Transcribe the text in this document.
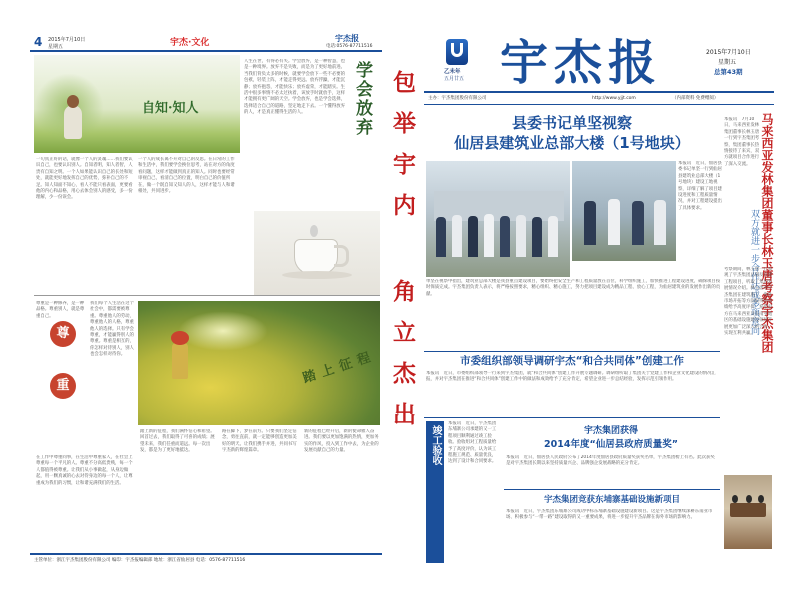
4 2015年7月10日
星期五	宇杰·文化	宇杰报
电话:0576-87711516
自知·知人
一句真正好的话，就像一个人的灵魂……我们要认识自己，也要认识别人。自知者明，知人者智，人贵有自知之明。一个人如果能认识自己的长处和短处，就能更好地发挥自己的优势，弥补自己的不足。知人知面不知心，看人不能只看表面，更要看他的内心和品格，用心去体会别人的感受，多一份理解，少一份误会。
一个人的成长离不开对自己的反思。在日常的工作和生活中，我们要学会换位思考，站在对方的角度看问题，这样才能做到真正的知人。同时也要经常审视自己，看清自己的位置，明白自己的价值所在，做一个既自知又知人的人，这样才能与人和谐相处，共同进步。
人生在世，有得必有失。学会放弃，是一种智慧，也是一种境界。放弃不是失败，而是为了更好地前进。当我们背负太多的时候，就要学会放下一些不必要的包袱，轻装上阵，才能走得更远。放弃浮躁，才能沉静；放弃抱怨，才能快乐；放弃虚荣，才能踏实。生活中很多事情不必太过执着，该放手时就放手，这样才能拥有更广阔的天空。学会放弃，也是学会选择，选择适合自己的道路，坚定地走下去。一个懂得放弃的人，才是真正懂得生活的人。	学会放弃
尊重是一种修养，是一种品格。尊重别人，就是尊重自己。
尊
重
我们每个人生活在这个社会中，都需要被尊重。尊重他人的劳动，尊重他人的人格，尊重他人的选择。只有学会尊重，才能赢得别人的尊重。尊重是相互的，你怎样对待别人，别人也会怎样对待你。
在工作中尊重同事，在生活中尊重家人，在社会上尊重每一个平凡的人。尊重不分高低贵贱，每一个人都值得被尊重。让我们从小事做起，从身边做起，用一颗真诚的心去对待身边的每一个人，让尊重成为我们的习惯，让和谐充满我们的生活。

踏上征程
踏上新的征程，我们满怀信心和希望。回首过去，我们取得了可喜的成绩；展望未来，我们任重而道远。每一次出发，都是为了更好地抵达。
路在脚下，梦在前方。只要我们坚定信念，勇往直前，就一定能够创造更加美好的明天。让我们携手并进，共同书写宇杰新的辉煌篇章。
新的征程已经开启，新的使命催人奋进。我们要以更加饱满的热情，更加务实的作风，投入到工作中去，为企业的发展贡献自己的力量。
主管单位：浙江宇杰集团股份有限公司 编印：宇杰报编辑部 地址：浙江省仙居县 电话：0576-87711516
包举宇内 角立杰出	乙未年
五月廿五 宇杰报	2015年7月10日
星期五
总第43期
主办：宇杰集团股份有限公司	http://www.yjjt.com	（内部资料 免费赠阅）
本报讯　7月10日，马来西亚发林集团董事长林玉唐一行到宇杰集团考察，集团董事长热情接待了来宾，双方就项目合作进行了深入交流。 马来西亚发林集团董事长林玉唐考察宇杰集团
双方就进一步合作达成多项意向
考察期间，林玉唐一行参观了宇杰集团总部及在建工程项目，听取了集团发展情况介绍。林玉唐对宇杰集团在建筑施工、海外市场开拓等方面取得的成绩给予高度评价，希望双方在马来西亚及东南亚地区的基础设施建设领域开展更加广泛深入的合作，实现互利共赢。
县委书记单坚视察
仙居县建筑业总部大楼（1号地块）
本报讯　近日，仙居县委书记单坚一行到仙居县建筑业总部大楼（1号地块）建设工地视察，详细了解了项目建设进度和工程质量情况，并对工程建设提出了具体要求。
单坚在视察中指出，建筑业总部大楼是我县重点建设项目，要始终把安全生产和工程质量放在首位，科学组织施工，加快推进工程建设进度，确保项目按时保质完成。宇杰集团负责人表示，将严格按照要求，精心组织、精心施工，努力把项目建设成为精品工程、放心工程，为仙居建筑业的发展作出新的贡献。
市委组织部领导调研宇杰“和合共同体”创建工作
本报讯　近日，市委组织部领导一行来到宇杰集团，就“和合共同体”创建工作开展专题调研。调研组听取了集团关于党建工作和企业文化建设的情况汇报，并对宇杰集团在推进“和合共同体”创建工作中的做法和成效给予了充分肯定，希望企业进一步总结经验，发挥示范引领作用。
东埔寨公司又一项目顺利通过竣工验收
本报讯　近日，宇杰集团东埔寨公司承建的又一工程项目顺利通过竣工验收。验收组对工程质量给予了高度评价，认为该工程施工规范、质量优良，达到了设计和合同要求。
宇杰集团获得
2014年度“仙居县政府质量奖”
本报讯　近日，仙居县人民政府公布了2014年度仙居县政府质量奖获奖名单，宇杰集团榜上有名。此次获奖是对宇杰集团长期以来坚持质量兴企、品牌强企发展战略的充分肯定。
宇杰集团竞获东埔寨基础设施新项目
本报讯　近日，宇杰集团东埔寨公司成功中标东埔寨基础设施建设新项目。这是宇杰集团继续深耕东南亚市场、积极参与“一带一路”建设取得的又一重要成果，将进一步提升宇杰品牌在海外市场的影响力。
